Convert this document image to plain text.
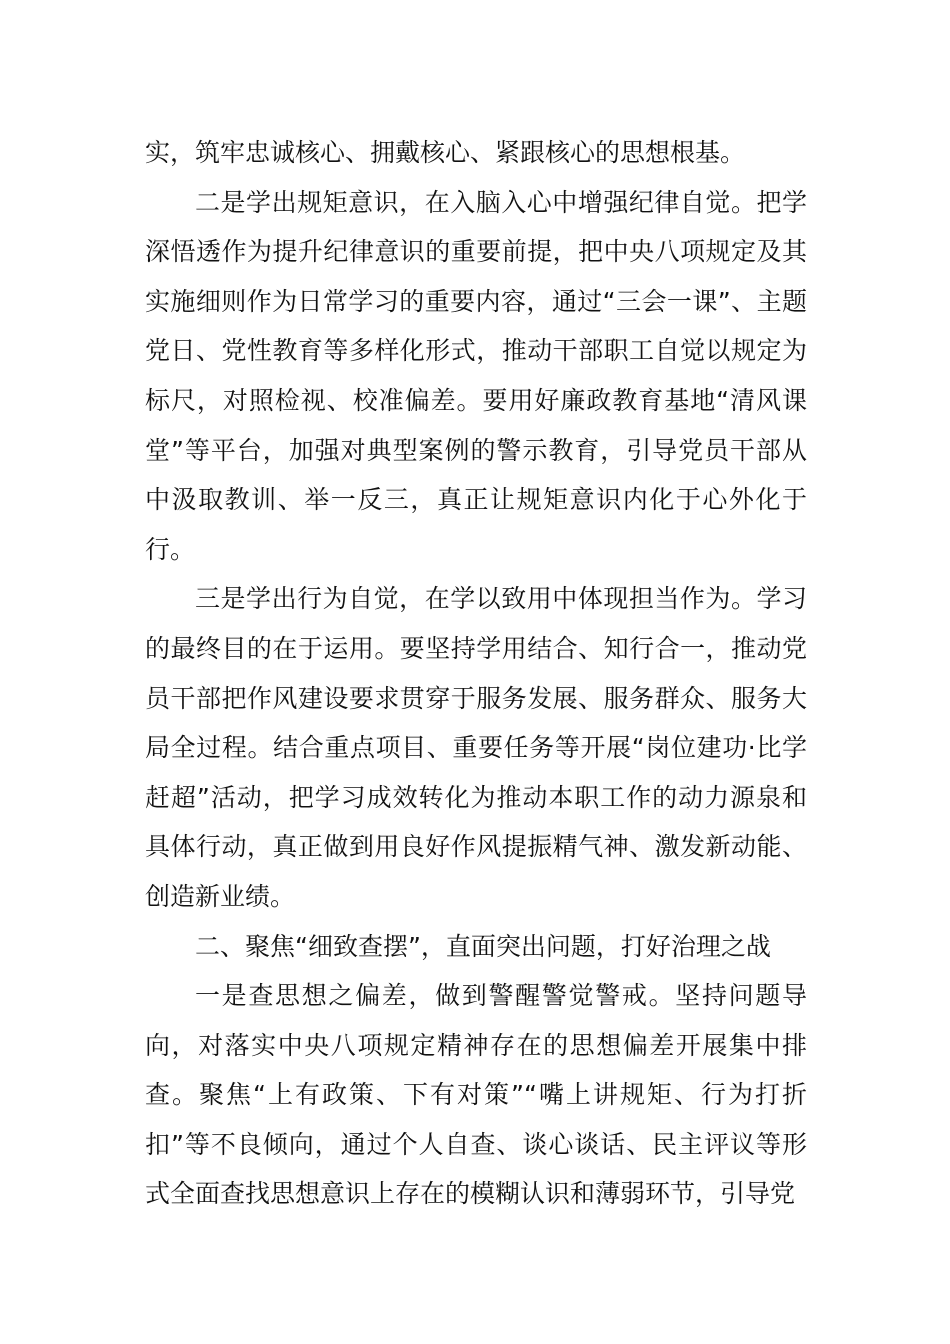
实，筑牢忠诚核心、拥戴核心、紧跟核心的思想根基。

二是学出规矩意识，在入脑入心中增强纪律自觉。把学深悟透作为提升纪律意识的重要前提，把中央八项规定及其实施细则作为日常学习的重要内容，通过“三会一课”、主题党日、党性教育等多样化形式，推动干部职工自觉以规定为标尺，对照检视、校准偏差。要用好廉政教育基地“清风课堂”等平台，加强对典型案例的警示教育，引导党员干部从中汲取教训、举一反三，真正让规矩意识内化于心外化于行。

三是学出行为自觉，在学以致用中体现担当作为。学习的最终目的在于运用。要坚持学用结合、知行合一，推动党员干部把作风建设要求贯穿于服务发展、服务群众、服务大局全过程。结合重点项目、重要任务等开展“岗位建功·比学赶超”活动，把学习成效转化为推动本职工作的动力源泉和具体行动，真正做到用良好作风提振精气神、激发新动能、创造新业绩。

二、聚焦“细致查摆”，直面突出问题，打好治理之战

一是查思想之偏差，做到警醒警觉警戒。坚持问题导向，对落实中央八项规定精神存在的思想偏差开展集中排查。聚焦“上有政策、下有对策”“嘴上讲规矩、行为打折扣”等不良倾向，通过个人自查、谈心谈话、民主评议等形式全面查找思想意识上存在的模糊认识和薄弱环节，引导党
